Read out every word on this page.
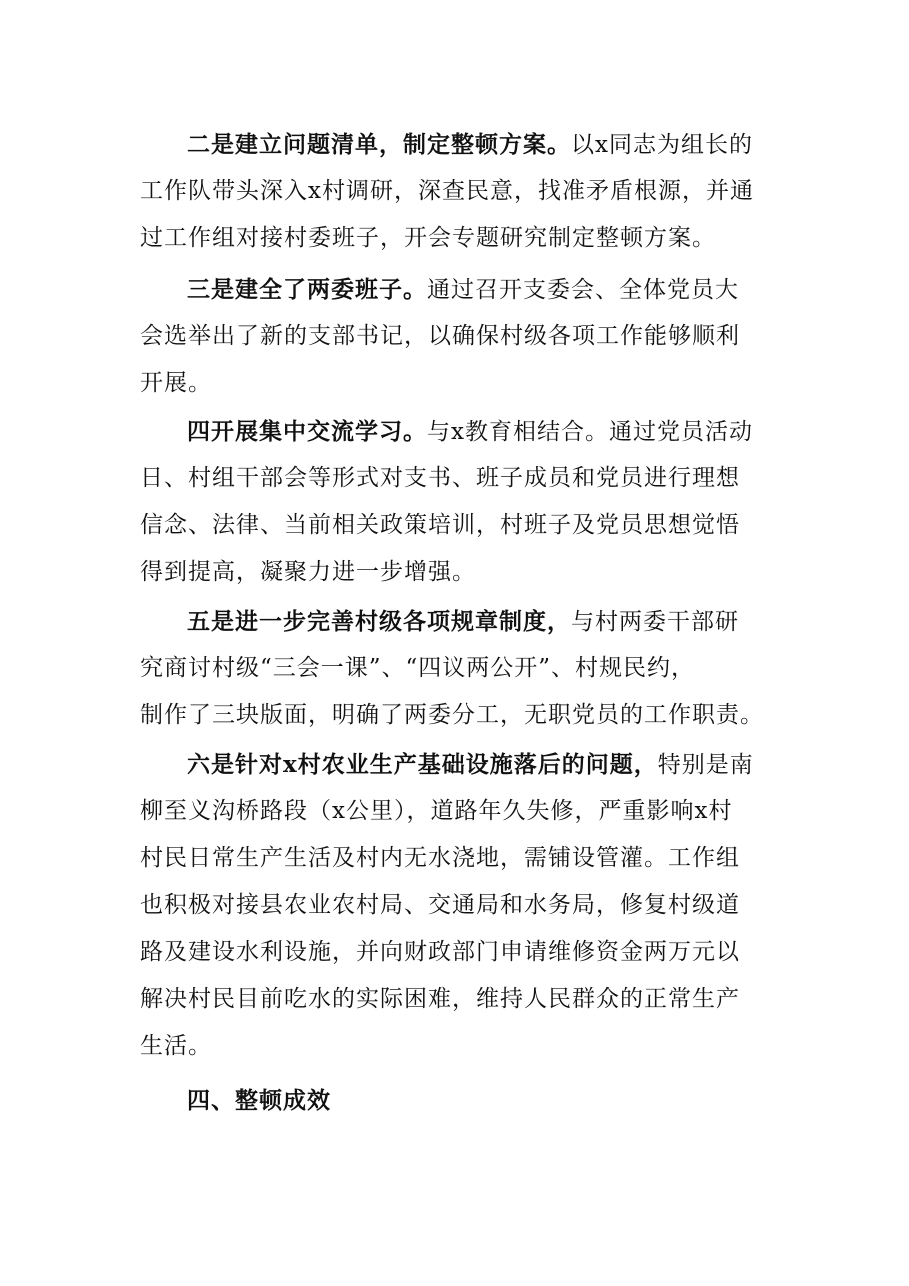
二是建立问题清单，制定整顿方案。以x同志为组长的
工作队带头深入x村调研，深查民意，找准矛盾根源，并通
过工作组对接村委班子，开会专题研究制定整顿方案。

三是建全了两委班子。通过召开支委会、全体党员大
会选举出了新的支部书记，以确保村级各项工作能够顺利
开展。

四开展集中交流学习。与x教育相结合。通过党员活动
日、村组干部会等形式对支书、班子成员和党员进行理想
信念、法律、当前相关政策培训，村班子及党员思想觉悟
得到提高，凝聚力进一步增强。

五是进一步完善村级各项规章制度，与村两委干部研
究商讨村级“三会一课”、“四议两公开”、村规民约，
制作了三块版面，明确了两委分工，无职党员的工作职责。

六是针对x村农业生产基础设施落后的问题，特别是南
柳至义沟桥路段（x公里），道路年久失修，严重影响x村
村民日常生产生活及村内无水浇地，需铺设管灌。工作组
也积极对接县农业农村局、交通局和水务局，修复村级道
路及建设水利设施，并向财政部门申请维修资金两万元以
解决村民目前吃水的实际困难，维持人民群众的正常生产
生活。

四、整顿成效
